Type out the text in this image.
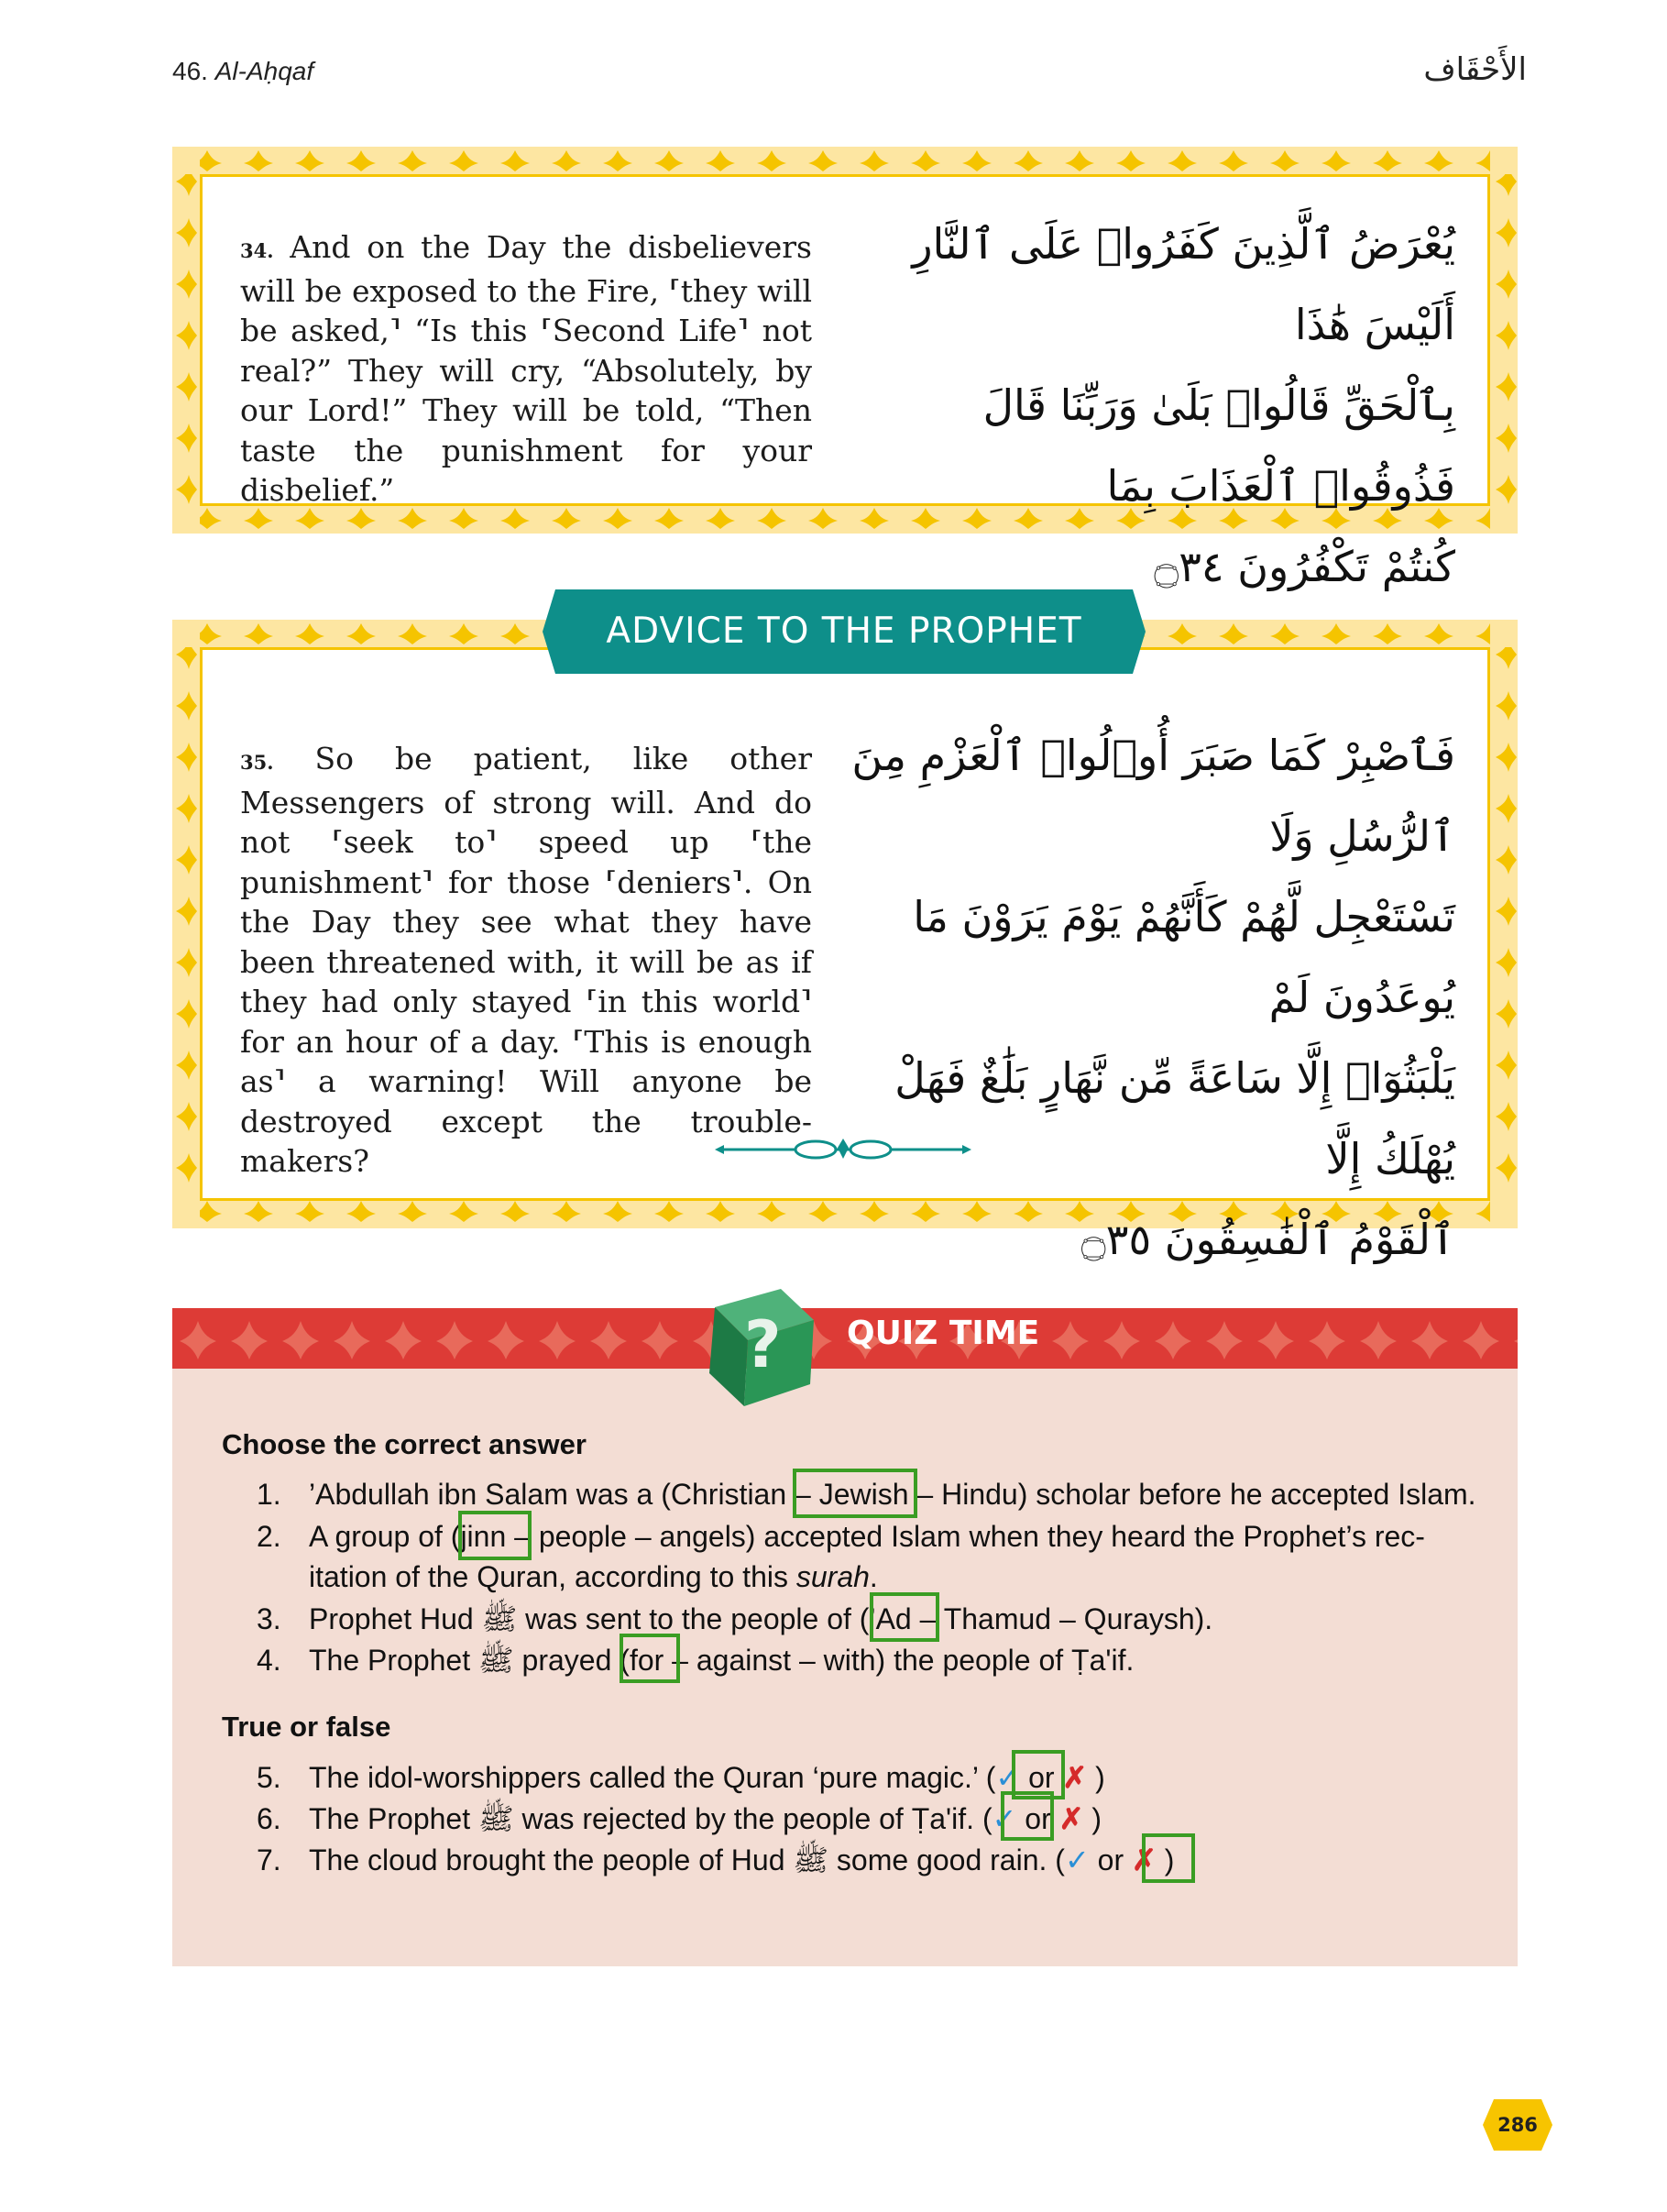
46. Al-Aḥqaf	الأَحْقَاف
34. And on the Day the disbelievers will be exposed to the Fire, ⸢they will be asked,⸣ “Is this ⸢Second Life⸣ not real?” They will cry, “Absolutely, by our Lord!” They will be told, “Then taste the punishment for your disbelief.”
يُعْرَضُ ٱلَّذِينَ كَفَرُوا۟ عَلَى ٱلنَّارِ أَلَيْسَ هَٰذَا
بِٱلْحَقِّ قَالُوا۟ بَلَىٰ وَرَبِّنَا قَالَ فَذُوقُوا۟ ٱلْعَذَابَ بِمَا
كُنتُمْ تَكْفُرُونَ ۝٣٤
ADVICE TO THE PROPHET
35. So be patient, like other Messengers of strong will. And do not ⸢seek to⸣ speed up ⸢the punishment⸣ for those ⸢deniers⸣. On the Day they see what they have been threatened with, it will be as if they had only stayed ⸢in this world⸣ for an hour of a day. ⸢This is enough as⸣ a warning! Will anyone be destroyed except the trouble-makers?
فَٱصْبِرْ كَمَا صَبَرَ أُو۟لُوا۟ ٱلْعَزْمِ مِنَ ٱلرُّسُلِ وَلَا
تَسْتَعْجِل لَّهُمْ كَأَنَّهُمْ يَوْمَ يَرَوْنَ مَا يُوعَدُونَ لَمْ
يَلْبَثُوٓا۟ إِلَّا سَاعَةً مِّن نَّهَارٍ بَلَٰغٌ فَهَلْ يُهْلَكُ إِلَّا
ٱلْقَوْمُ ٱلْفَٰسِقُونَ ۝٣٥
? QUIZ TIME
Choose the correct answer
1. ’Abdullah ibn Salam was a (Christian – Jewish – Hindu) scholar before he accepted Islam.
2. A group of (jinn – people – angels) accepted Islam when they heard the Prophet’s rec-
itation of the Quran, according to this surah.
3. Prophet Hud ﷺ was sent to the people of (’Ad – Thamud – Quraysh).
4. The Prophet ﷺ prayed (for – against – with) the people of Ṭa'if.
True or false
5. The idol-worshippers called the Quran ‘pure magic.’ (✓ or ✗ )
6. The Prophet ﷺ was rejected by the people of Ṭa'if. (✓ or ✗ )
7. The cloud brought the people of Hud ﷺ some good rain. (✓ or ✗ )
286
